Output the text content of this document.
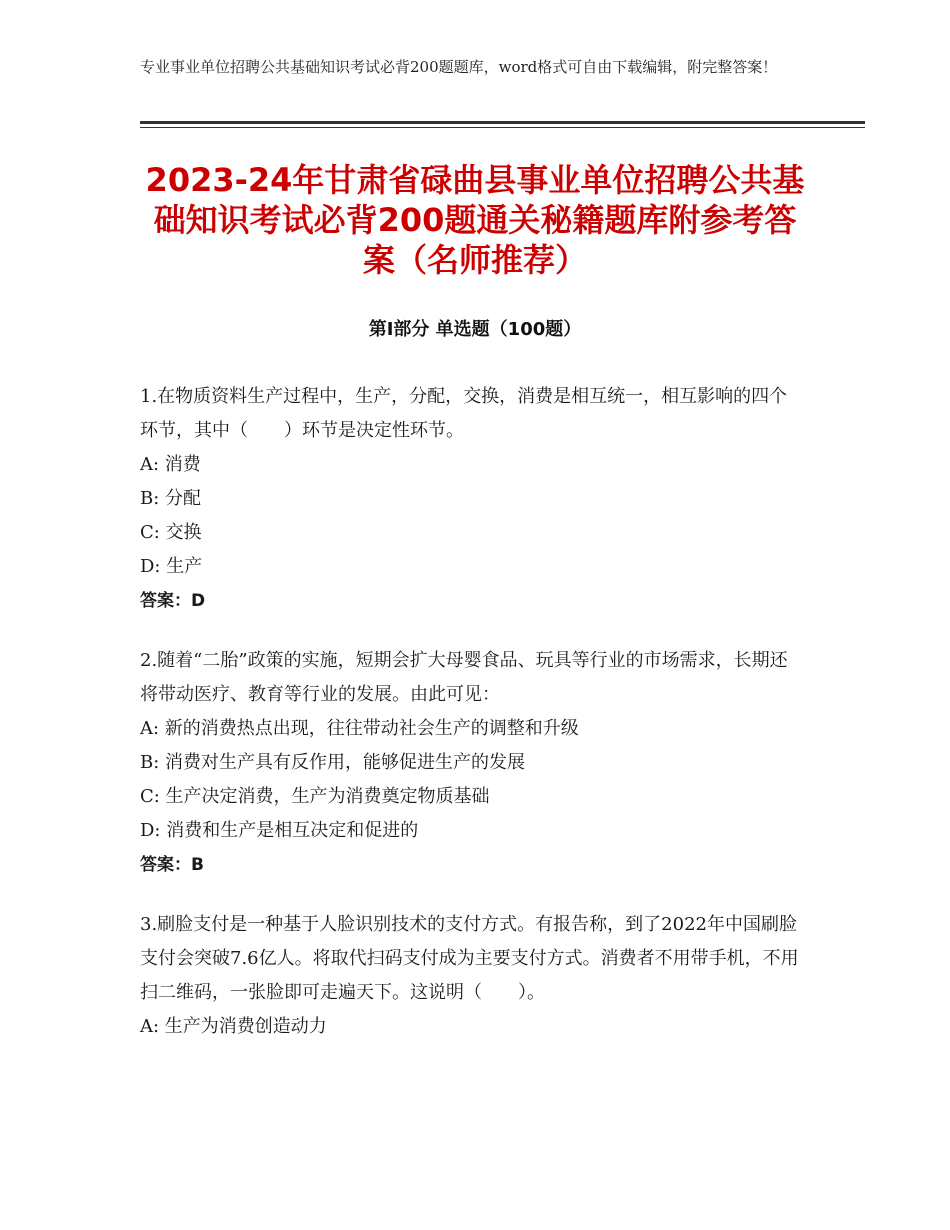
专业事业单位招聘公共基础知识考试必背200题题库，word格式可自由下载编辑，附完整答案！
2023-24年甘肃省碌曲县事业单位招聘公共基础知识考试必背200题通关秘籍题库附参考答案（名师推荐）
第Ⅰ部分 单选题（100题）

1.在物质资料生产过程中，生产，分配，交换，消费是相互统一，相互影响的四个环节，其中（　　）环节是决定性环节。

A: 消费

B: 分配

C: 交换

D: 生产

答案：D

2.随着“二胎”政策的实施，短期会扩大母婴食品、玩具等行业的市场需求，长期还将带动医疗、教育等行业的发展。由此可见：

A: 新的消费热点出现，往往带动社会生产的调整和升级

B: 消费对生产具有反作用，能够促进生产的发展

C: 生产决定消费，生产为消费奠定物质基础

D: 消费和生产是相互决定和促进的

答案：B

3.刷脸支付是一种基于人脸识别技术的支付方式。有报告称，到了2022年中国刷脸支付会突破7.6亿人。将取代扫码支付成为主要支付方式。消费者不用带手机，不用扫二维码，一张脸即可走遍天下。这说明（　　）。

A: 生产为消费创造动力
